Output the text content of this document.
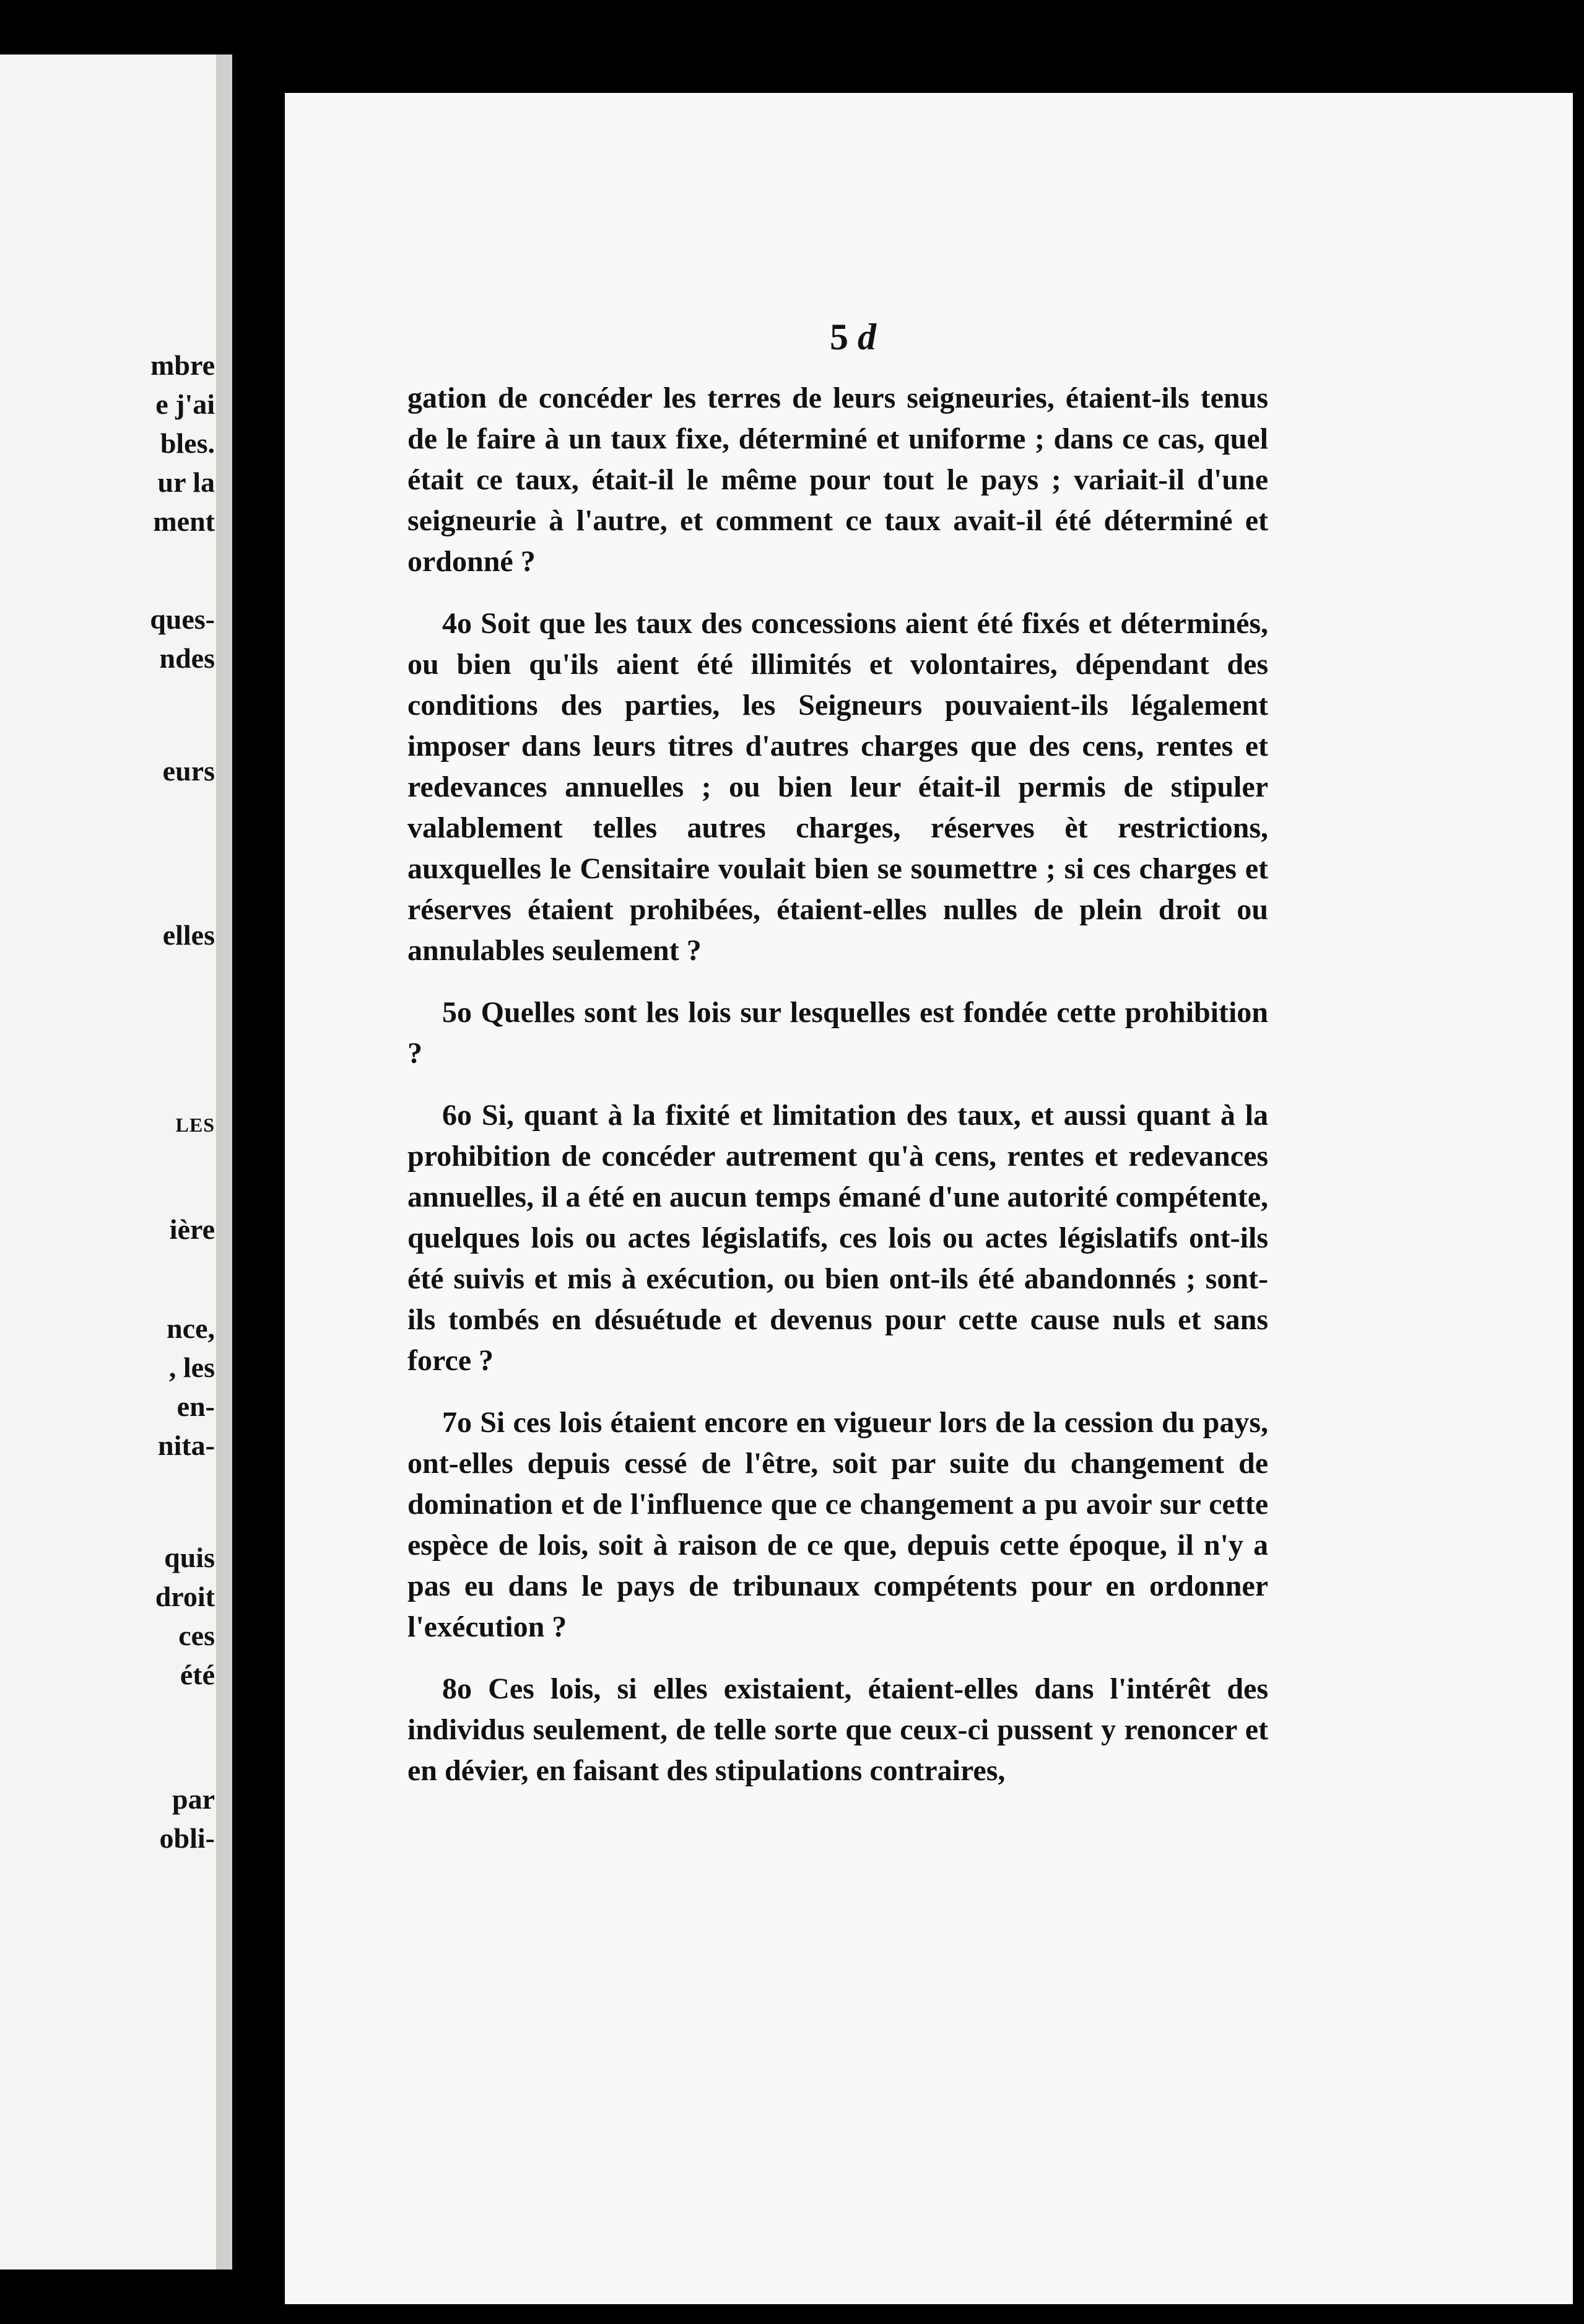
mbre
e j'ai
bles.
ur la
ment
ques-
ndes
eurs
elles
LES
ière
nce,
, les
en-
nita-
quis
droit
ces
été
par
obli-
5 d

gation de concéder les terres de leurs seigneuries, étaient-ils tenus de le faire à un taux fixe, déterminé et uniforme ; dans ce cas, quel était ce taux, était-il le même pour tout le pays ; variait-il d'une seigneurie à l'autre, et comment ce taux avait-il été déterminé et ordonné ?

4o Soit que les taux des concessions aient été fixés et déterminés, ou bien qu'ils aient été illimités et volontaires, dépendant des conditions des parties, les Seigneurs pouvaient-ils légalement imposer dans leurs titres d'autres charges que des cens, rentes et redevances annuelles ; ou bien leur était-il permis de stipuler valablement telles autres charges, réserves èt restrictions, auxquelles le Censitaire voulait bien se soumettre ; si ces charges et réserves étaient prohibées, étaient-elles nulles de plein droit ou annulables seulement ?

5o Quelles sont les lois sur lesquelles est fondée cette prohibition ?

6o Si, quant à la fixité et limitation des taux, et aussi quant à la prohibition de concéder autrement qu'à cens, rentes et redevances annuelles, il a été en aucun temps émané d'une autorité compétente, quelques lois ou actes législatifs, ces lois ou actes législatifs ont-ils été suivis et mis à exécution, ou bien ont-ils été abandonnés ; sont-ils tombés en désuétude et devenus pour cette cause nuls et sans force ?

7o Si ces lois étaient encore en vigueur lors de la cession du pays, ont-elles depuis cessé de l'être, soit par suite du changement de domination et de l'influence que ce changement a pu avoir sur cette espèce de lois, soit à raison de ce que, depuis cette époque, il n'y a pas eu dans le pays de tribunaux compétents pour en ordonner l'exécution ?

8o Ces lois, si elles existaient, étaient-elles dans l'intérêt des individus seulement, de telle sorte que ceux-ci pussent y renoncer et en dévier, en faisant des stipulations contraires,
